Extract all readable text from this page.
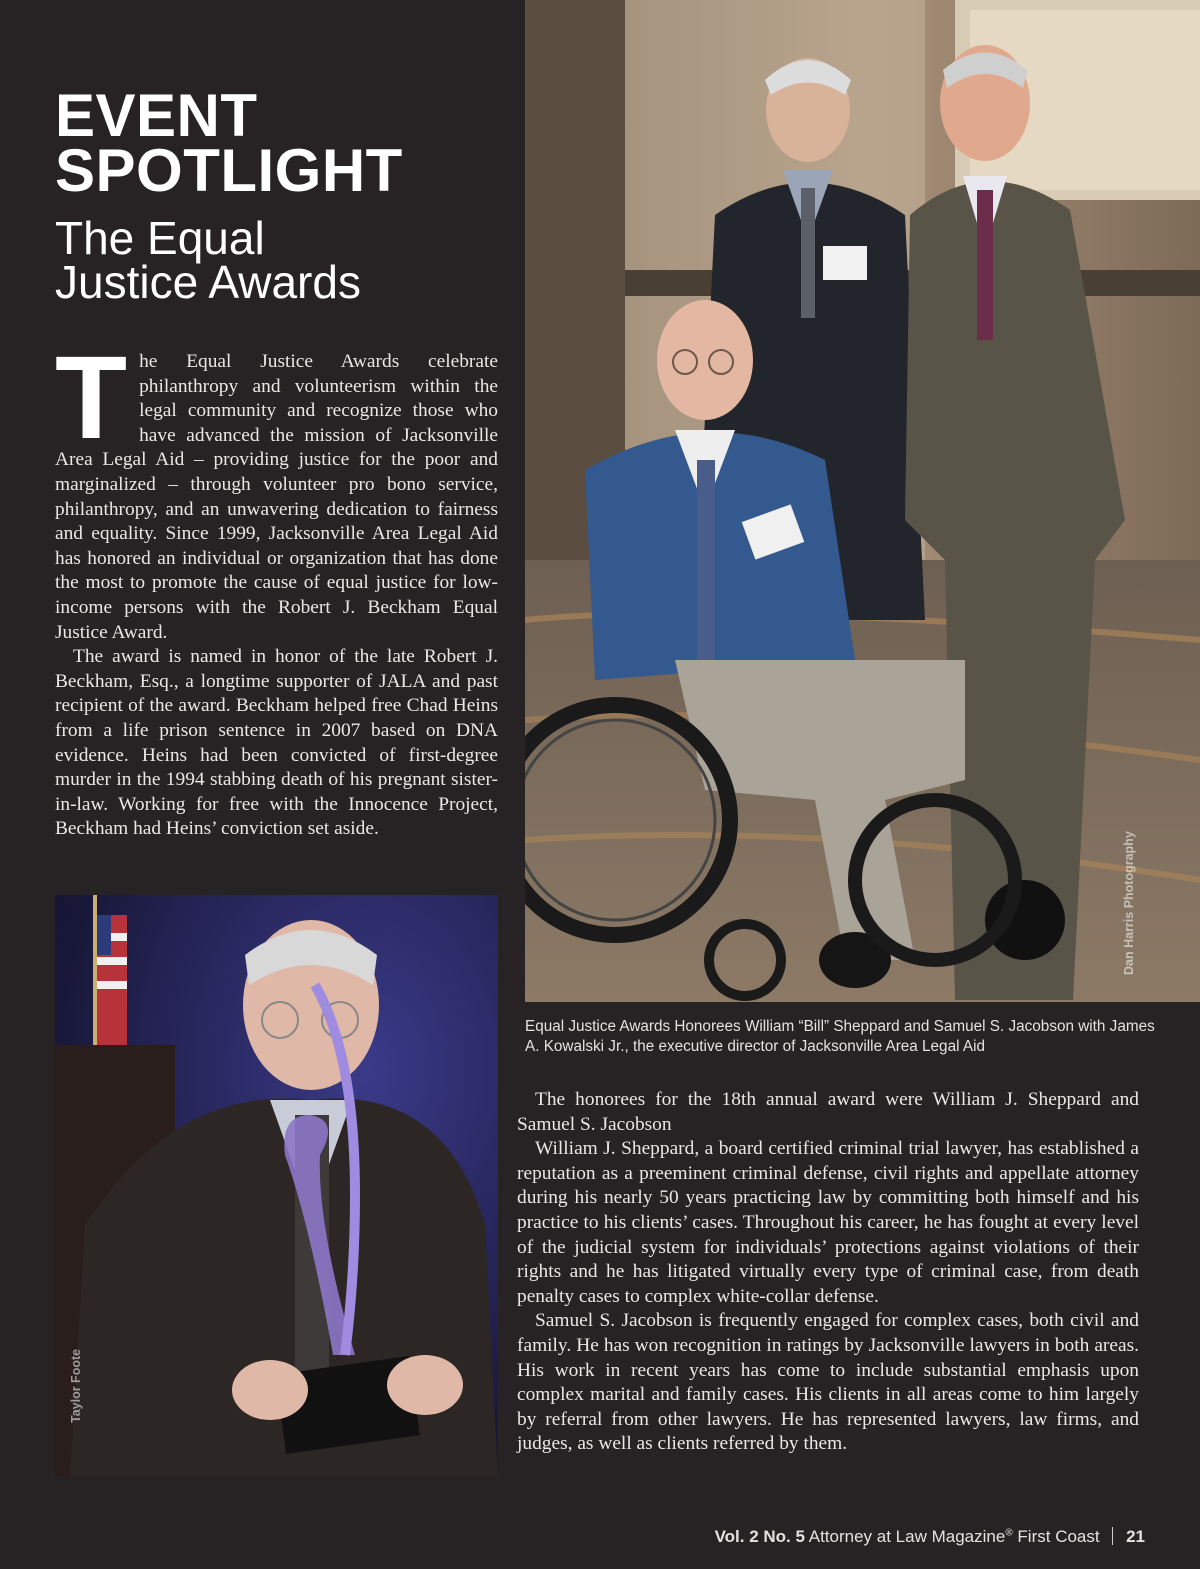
EVENT
SPOTLIGHT
The Equal
Justice Awards

The Equal Justice Awards celebrate philanthropy and volunteerism within the legal community and recognize those who have advanced the mission of Jacksonville Area Legal Aid – providing justice for the poor and marginalized – through volunteer pro bono service, philanthropy, and an unwavering dedication to fairness and equality. Since 1999, Jacksonville Area Legal Aid has honored an individual or organization that has done the most to promote the cause of equal justice for low-income persons with the Robert J. Beckham Equal Justice Award.

The award is named in honor of the late Robert J. Beckham, Esq., a longtime supporter of JALA and past recipient of the award. Beckham helped free Chad Heins from a life prison sentence in 2007 based on DNA evidence. Heins had been convicted of first-degree murder in the 1994 stabbing death of his pregnant sister-in-law. Working for free with the Innocence Project, Beckham had Heins’ conviction set aside.

Dan Harris Photography
Taylor Foote

Equal Justice Awards Honorees William “Bill” Sheppard and Samuel S. Jacobson with James A. Kowalski Jr., the executive director of Jacksonville Area Legal Aid

The honorees for the 18th annual award were William J. Sheppard and Samuel S. Jacobson

William J. Sheppard, a board certified criminal trial lawyer, has established a reputation as a preeminent criminal defense, civil rights and appellate attorney during his nearly 50 years practicing law by committing both himself and his practice to his clients’ cases. Throughout his career, he has fought at every level of the judicial system for individuals’ protections against violations of their rights and he has litigated virtually every type of criminal case, from death penalty cases to complex white-collar defense.

Samuel S. Jacobson is frequently engaged for complex cases, both civil and family. He has won recognition in ratings by Jacksonville lawyers in both areas. His work in recent years has come to include substantial emphasis upon complex marital and family cases. His clients in all areas come to him largely by referral from other lawyers. He has represented lawyers, law firms, and judges, as well as clients referred by them.

Vol. 2 No. 5 Attorney at Law Magazine® First Coast 21
